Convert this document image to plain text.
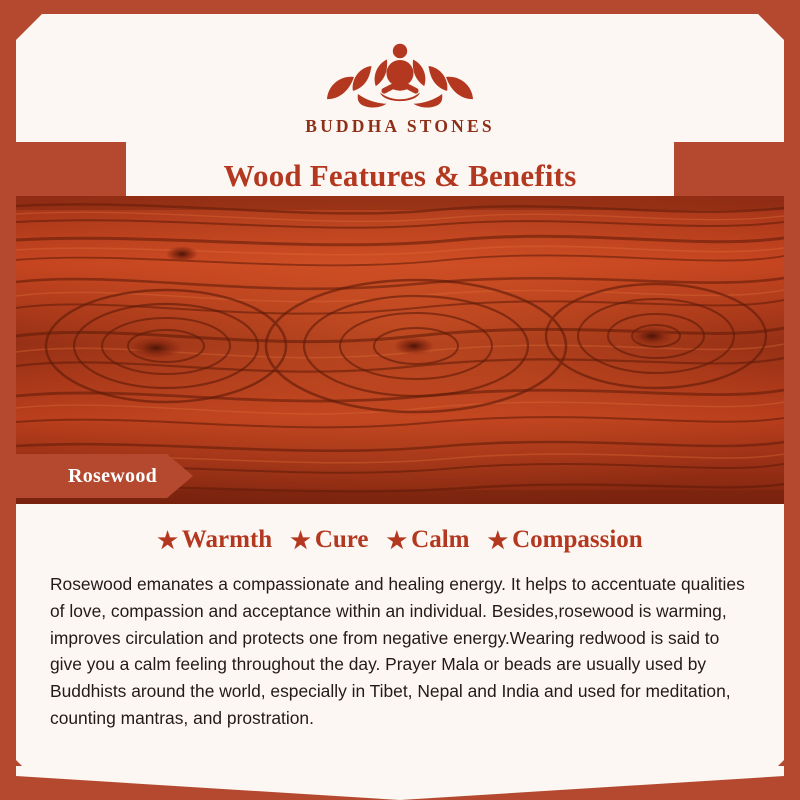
BUDDHA STONES
Wood Features & Benefits
Rosewood
★ Warmth ★ Cure ★ Calm ★ Compassion

Rosewood emanates a compassionate and healing energy. It helps to accentuate qualities of love, compassion and acceptance within an individual. Besides,rosewood is warming, improves circulation and protects one from negative energy.Wearing redwood is said to give you a calm feeling throughout the day. Prayer Mala or beads are usually used by Buddhists around the world, especially in Tibet, Nepal and India and used for meditation, counting mantras, and prostration.
